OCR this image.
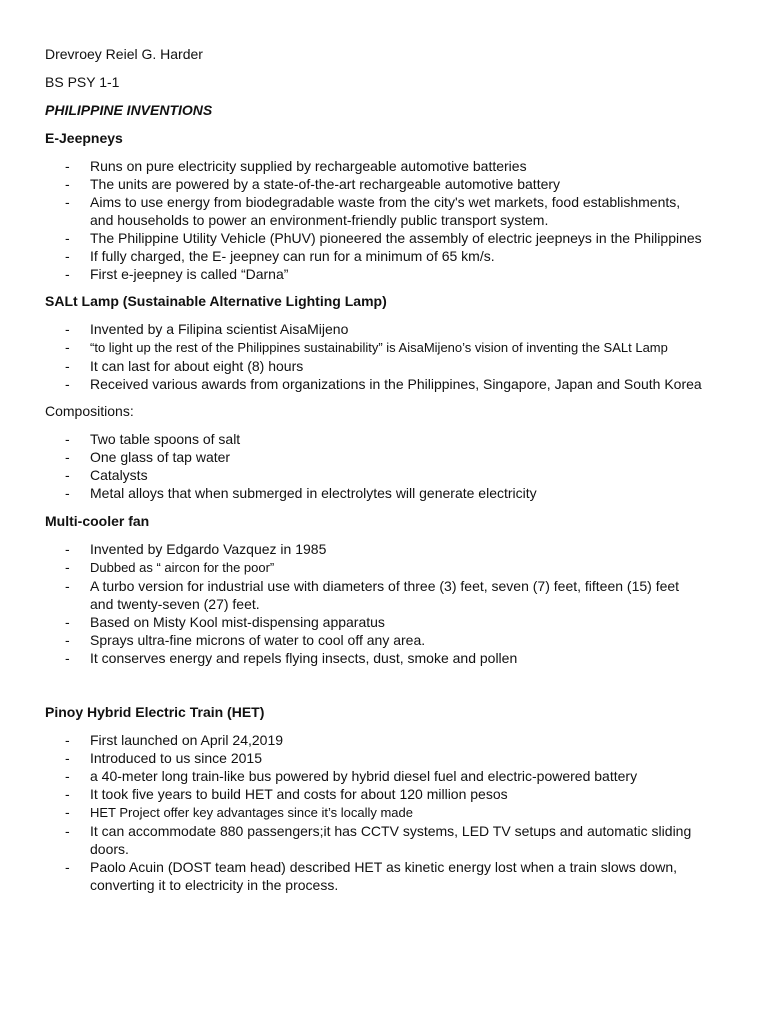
Drevroey Reiel G. Harder
BS PSY 1-1
PHILIPPINE INVENTIONS
E-Jeepneys
- Runs on pure electricity supplied by rechargeable automotive batteries
- The units are powered by a state-of-the-art rechargeable automotive battery
- Aims to use energy from biodegradable waste from the city's wet markets, food establishments, and households to power an environment-friendly public transport system.
- The Philippine Utility Vehicle (PhUV) pioneered the assembly of electric jeepneys in the Philippines
- If fully charged, the E- jeepney can run for a minimum of 65 km/s.
- First e-jeepney is called “Darna”
SALt Lamp (Sustainable Alternative Lighting Lamp)
- Invented by a Filipina scientist AisaMijeno
- “to light up the rest of the Philippines sustainability” is AisaMijeno’s vision of inventing the SALt Lamp
- It can last for about eight (8) hours
- Received various awards from organizations in the Philippines, Singapore, Japan and South Korea
Compositions:
- Two table spoons of salt
- One glass of tap water
- Catalysts
- Metal alloys that when submerged in electrolytes will generate electricity
Multi-cooler fan
- Invented by Edgardo Vazquez in 1985
- Dubbed as “ aircon for the poor”
- A turbo version for industrial use with diameters of three (3) feet, seven (7) feet, fifteen (15) feet and twenty-seven (27) feet.
- Based on Misty Kool mist-dispensing apparatus
- Sprays ultra-fine microns of water to cool off any area.
- It conserves energy and repels flying insects, dust, smoke and pollen
Pinoy Hybrid Electric Train (HET)
- First launched on April 24,2019
- Introduced to us since 2015
- a 40-meter long train-like bus powered by hybrid diesel fuel and electric-powered battery
- It took five years to build HET and costs for about 120 million pesos
- HET Project offer key advantages since it’s locally made
- It can accommodate 880 passengers;it has CCTV systems, LED TV setups and automatic sliding doors.
- Paolo Acuin (DOST team head) described HET as kinetic energy lost when a train slows down, converting it to electricity in the process.
